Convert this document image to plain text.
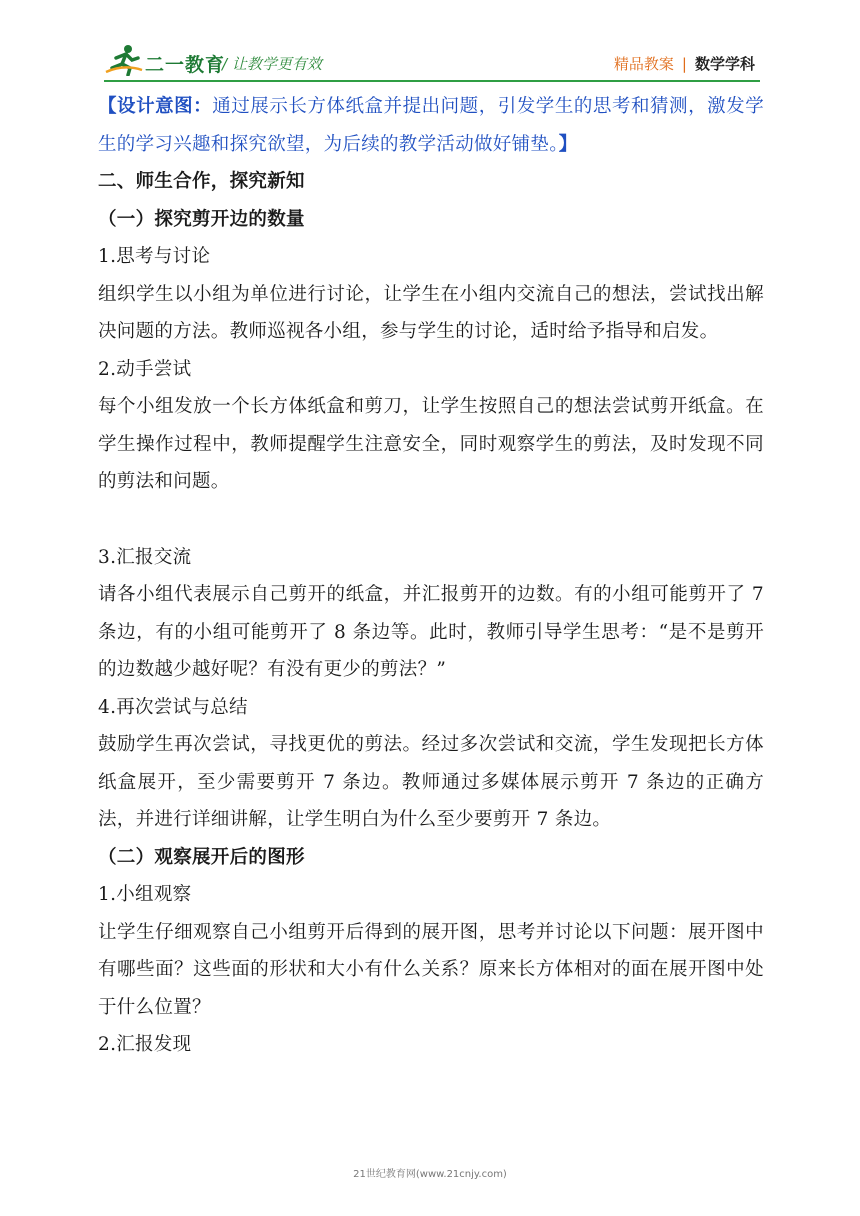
二一教育
/ 让教学更有效	精品教案 | 数学学科

【设计意图：通过展示长方体纸盒并提出问题，引发学生的思考和猜测，激发学生的学习兴趣和探究欲望，为后续的教学活动做好铺垫。】

二、师生合作，探究新知

（一）探究剪开边的数量

1.思考与讨论

组织学生以小组为单位进行讨论，让学生在小组内交流自己的想法，尝试找出解决问题的方法。教师巡视各小组，参与学生的讨论，适时给予指导和启发。

2.动手尝试

每个小组发放一个长方体纸盒和剪刀，让学生按照自己的想法尝试剪开纸盒。在学生操作过程中，教师提醒学生注意安全，同时观察学生的剪法，及时发现不同的剪法和问题。

3.汇报交流

请各小组代表展示自己剪开的纸盒，并汇报剪开的边数。有的小组可能剪开了 7 条边，有的小组可能剪开了 8 条边等。此时，教师引导学生思考：“是不是剪开的边数越少越好呢？有没有更少的剪法？”

4.再次尝试与总结

鼓励学生再次尝试，寻找更优的剪法。经过多次尝试和交流，学生发现把长方体纸盒展开，至少需要剪开 7 条边。教师通过多媒体展示剪开 7 条边的正确方法，并进行详细讲解，让学生明白为什么至少要剪开 7 条边。

（二）观察展开后的图形

1.小组观察

让学生仔细观察自己小组剪开后得到的展开图，思考并讨论以下问题：展开图中有哪些面？这些面的形状和大小有什么关系？原来长方体相对的面在展开图中处于什么位置？

2.汇报发现

21世纪教育网(www.21cnjy.com)
